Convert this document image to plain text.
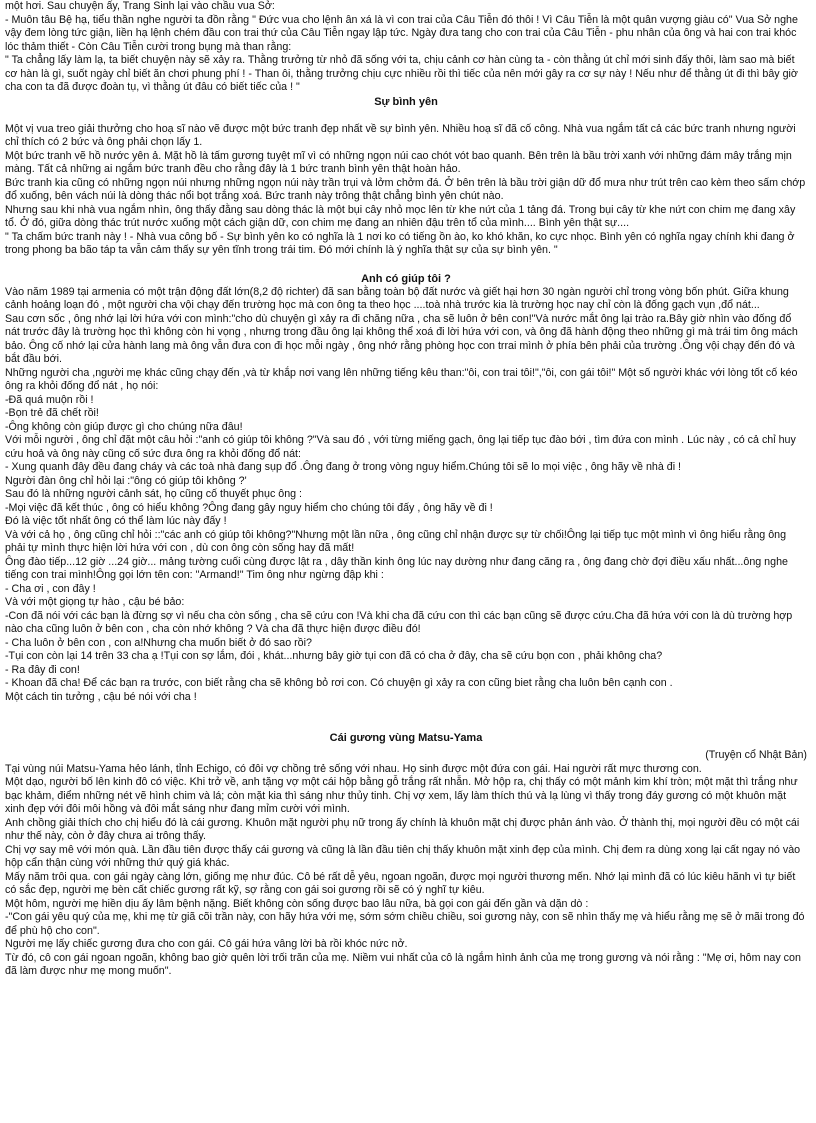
một hơi. Sau chuyện ấy, Trang Sinh lại vào chầu vua Sở:

- Muôn tâu Bệ hạ, tiểu thần nghe người ta đồn rằng " Đức vua cho lệnh ân xá là vì con trai của Câu Tiễn đó thôi ! Vì Câu Tiễn là một quân vượng giàu có" Vua Sở nghe vậy đem lòng tức giận, liền hạ lệnh chém đầu con trai thứ của Câu Tiễn ngay lập tức. Ngày đưa tang cho con trai của Câu Tiễn - phu nhân của ông và hai con trai khóc lóc thảm thiết - Còn Câu Tiễn cười trong bụng mà than rằng:

" Ta chẳng lấy làm lạ, ta biết chuyện này sẽ xảy ra. Thằng trưởng từ nhỏ đã sống với ta, chịu cảnh cơ hàn cùng ta - còn thằng út chỉ mới sinh đấy thôi, làm sao mà biết cơ hàn là gì, suốt ngày chỉ biết ăn chơi phung phí ! - Than ôi, thằng trưởng chịu cực nhiều rồi thì tiếc của nên mới gây ra cơ sự này ! Nếu như để thằng út đi thì bây giờ cha con ta đã được đoàn tụ, vì thằng út đâu có biết tiếc của ! "

Sự bình yên

Một vị vua treo giải thưởng cho hoạ sĩ nào vẽ được một bức tranh đẹp nhất về sự bình yên. Nhiều hoạ sĩ đã cố công. Nhà vua ngắm tất cả các bức tranh nhưng người chỉ thích có 2 bức và ông phải chọn lấy 1.

Một bức tranh vẽ hồ nước yên ả. Mặt hồ là tấm gương tuyệt mĩ vì có những ngọn núi cao chót vót bao quanh. Bên trên là bầu trời xanh với những đám mây trắng mịn màng. Tất cả những ai ngắm bức tranh đều cho rằng đây là 1 bức tranh bình yên thật hoàn hảo.

Bức tranh kia cũng có những ngọn núi nhưng những ngọn núi này trần trụi và lởm chởm đá. Ở bên trên là bầu trời giận dữ đổ mưa như trút trên cao kèm theo sấm chớp đổ xuống, bên vách núi là dòng thác nổi bọt trắng xoá. Bức tranh này trông thật chẳng bình yên chút nào.

Nhưng sau khi nhà vua ngắm nhìn, ông thấy đằng sau dòng thác là một bụi cây nhỏ mọc lên từ khe nứt của 1 tảng đá. Trong bụi cây từ khe nứt con chim mẹ đang xây tổ. Ở đó, giữa dòng thác trút nước xuống một cách giận dữ, con chim mẹ đang an nhiên đậu trên tổ của mình.... Bình yên thật sự....

" Ta chấm bức tranh này ! - Nhà vua công bố - Sự bình yên ko có nghĩa là 1 nơi ko có tiếng ồn ào, ko khó khăn, ko cực nhọc. Bình yên có nghĩa ngay chính khi đang ở trong phong ba bão táp ta vẫn cảm thấy sự yên tĩnh trong trái tim. Đó mới chính là ý nghĩa thật sự của sự bình yên. "

Anh có giúp tôi ?

Vào năm 1989 tại armenia có một trận động đất lớn(8,2 độ richter) đã san bằng toàn bộ đất nước và giết hại hơn 30 ngàn người chỉ trong vòng bốn phút. Giữa khung cảnh hoảng loạn đó , một người cha vội chạy đến trường học mà con ông ta theo học ....toà nhà trước kia là trường học nay chỉ còn là đống gạch vụn ,đổ nát...

Sau cơn sốc , ông nhớ lại lời hứa với con mình:"cho dù chuyện gì xảy ra đi chăng nữa , cha sẽ luôn ở bên con!"Và nước mắt ông lại trào ra.Bây giờ nhìn vào đống đổ nát trước đây là trường học thì không còn hi vọng , nhưng trong đầu ông lại không thể xoá đi lời hứa với con, và ông đã hành động theo những gì mà trái tim ông mách bảo. Ông cố nhớ lại cửa hành lang mà ông vẫn đưa con đi học mỗi ngày , ông nhớ rằng phòng học con trrai mình ở phía bên phải của trường .Ông vội chạy đến đó và bắt đầu bới.

Những người cha ,người mẹ khác cũng chạy đến ,và từ khắp nơi vang lên những tiếng kêu than:"ôi, con trai tôi!","ôi, con gái tôi!" Một số người khác với lòng tốt cố kéo ông ra khỏi đống đổ nát , họ nói:

-Đã quá muộn rồi !

-Bọn trẻ đã chết rồi!

-Ông không còn giúp được gì cho chúng nữa đâu!

Với mỗi người , ông chỉ đặt một câu hỏi :"anh có giúp tôi không ?"Và sau đó , với từng miếng gạch, ông lại tiếp tục đào bới , tìm đứa con mình . Lúc này , có cả chỉ huy cứu hoả và ông này cũng cố sức đưa ông ra khỏi đống đổ nát:

- Xung quanh đây đều đang cháy và các toà nhà đang sụp đổ .Ông đang ở trong vòng nguy hiểm.Chúng tôi sẽ lo mọi việc , ông hãy về nhà đi !

Người đàn ông chỉ hỏi lại :"ông có giúp tôi không ?'

Sau đó là những người cảnh sát, họ cũng cố thuyết phục ông :

-Mọi việc đã kết thúc , ông có hiểu không ?Ông đang gây nguy hiểm cho chúng tôi đấy , ông hãy về đi !

Đó là việc tốt nhất ông có thể làm lúc này đấy !

Và với cả họ , ông cũng chỉ hỏi ::"các anh có giúp tôi không?"Nhưng một lần nữa , ông cũng chỉ nhận được sự từ chối!Ông lại tiếp tục một mình vì ông hiểu rằng ông phải tự mình thực hiện lời hứa với con , dù con ông còn sống hay đã mất!

Ông đào tiếp...12 giờ ...24 giờ... mảng tường cuối cùng được lật ra , dây thần kinh ông lúc nay dường như đang căng ra , ông đang chờ đợi điều xấu nhất...ông nghe tiếng con trai mình!Ông gọi lớn tên con: "Armand!" Tim ông như ngừng đập khi :

- Cha ơi , con đây !

Và với một giọng tự hào , cậu bé bảo:

-Con đã nói với các bạn là đừng sợ vì nếu cha còn sống , cha sẽ cứu con !Và khi cha đã cứu con thì các bạn cũng sẽ được cứu.Cha đã hứa với con là dù trường hợp nào cha cũng luôn ở bên con , cha còn nhớ không ? Và cha đã thực hiện được điều đó!

- Cha luôn ở bên con , con a!Nhưng cha muốn biết ở đó sao rồi?

-Tụi con còn lại 14 trên 33 cha ạ !Tụi con sợ lắm, đói , khát...nhưng bây giờ tụi con đã có cha ở đây, cha sẽ cứu bọn con , phải không cha?

- Ra đây đi con!

- Khoan đã cha! Để các bạn ra trước, con biết rằng cha sẽ không bỏ rơi con. Có chuyện gì xảy ra con cũng biet rằng cha luôn bên cạnh con .

Một cách tin tưởng , cậu bé nói với cha !

Cái gương vùng Matsu-Yama

(Truyện cổ Nhật Bản)

Tại vùng núi Matsu-Yama hẻo lánh, tỉnh Echigo, có đôi vợ chồng trẻ sống với nhau. Họ sinh được một đứa con gái. Hai người rất mực thương con.

Một dạo, người bố lên kinh đô có việc. Khi trở về, anh tặng vợ một cái hộp bằng gỗ trắng rất nhẵn. Mở hộp ra, chị thấy có một mảnh kim khí tròn; một mặt thì trắng như bạc khảm, điểm những nét vẽ hình chim và lá; còn mặt kia thì sáng như thủy tinh. Chị vợ xem, lấy làm thích thú và lạ lùng vì thấy trong đáy gương có một khuôn mặt xinh đẹp với đôi môi hồng và đôi mắt sáng như đang mỉm cười với mình.

Anh chồng giải thích cho chị hiểu đó là cái gương. Khuôn mặt người phụ nữ trong ấy chính là khuôn mặt chị được phản ánh vào. Ở thành thị, mọi người đều có một cái như thế này, còn ở đây chưa ai trông thấy.

Chị vợ say mê với món quà. Lần đầu tiên được thấy cái gương và cũng là lần đầu tiên chị thấy khuôn mặt xinh đẹp của mình. Chị đem ra dùng xong lại cất ngay nó vào hộp cẩn thận cùng với những thứ quý giá khác.

Mấy năm trôi qua. con gái ngày càng lớn, giống mẹ như đúc. Cô bé rất dễ yêu, ngoan ngoãn, được mọi người thương mến. Nhớ lại mình đã có lúc kiêu hãnh vì tự biết có sắc đẹp, người mẹ bèn cất chiếc gương rất kỹ, sợ rằng con gái soi gương rồi sẽ có ý nghĩ tự kiêu.

Một hôm, người mẹ hiền dịu ấy lâm bệnh nặng. Biết không còn sống được bao lâu nữa, bà gọi con gái đến gần và dặn dò :

-"Con gái yêu quý của mẹ, khi mẹ từ giã cõi trần này, con hãy hứa với mẹ, sớm sớm chiều chiều, soi gương này, con sẽ nhìn thấy mẹ và hiểu rằng mẹ sẽ ở mãi trong đó để phù hộ cho con".

Người mẹ lấy chiếc gương đưa cho con gái. Cô gái hứa vâng lời bà rồi khóc nức nở.

Từ đó, cô con gái ngoan ngoãn, không bao giờ quên lời trối trăn của mẹ. Niềm vui nhất của cô là ngắm hình ảnh của mẹ trong gương và nói rằng : "Mẹ ơi, hôm nay con đã làm được như mẹ mong muốn".
